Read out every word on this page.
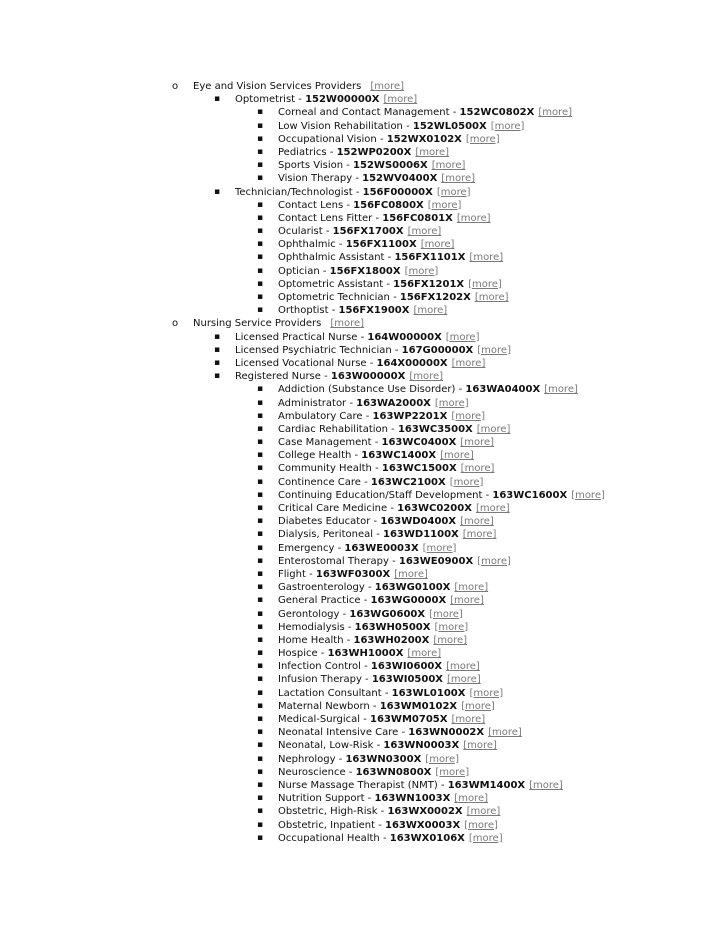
o Eye and Vision Services Providers [more]
▪ Optometrist - 152W00000X [more]
▪ Corneal and Contact Management - 152WC0802X [more]
▪ Low Vision Rehabilitation - 152WL0500X [more]
▪ Occupational Vision - 152WX0102X [more]
▪ Pediatrics - 152WP0200X [more]
▪ Sports Vision - 152WS0006X [more]
▪ Vision Therapy - 152WV0400X [more]
▪ Technician/Technologist - 156F00000X [more]
▪ Contact Lens - 156FC0800X [more]
▪ Contact Lens Fitter - 156FC0801X [more]
▪ Ocularist - 156FX1700X [more]
▪ Ophthalmic - 156FX1100X [more]
▪ Ophthalmic Assistant - 156FX1101X [more]
▪ Optician - 156FX1800X [more]
▪ Optometric Assistant - 156FX1201X [more]
▪ Optometric Technician - 156FX1202X [more]
▪ Orthoptist - 156FX1900X [more]
o Nursing Service Providers [more]
▪ Licensed Practical Nurse - 164W00000X [more]
▪ Licensed Psychiatric Technician - 167G00000X [more]
▪ Licensed Vocational Nurse - 164X00000X [more]
▪ Registered Nurse - 163W00000X [more]
▪ Addiction (Substance Use Disorder) - 163WA0400X [more]
▪ Administrator - 163WA2000X [more]
▪ Ambulatory Care - 163WP2201X [more]
▪ Cardiac Rehabilitation - 163WC3500X [more]
▪ Case Management - 163WC0400X [more]
▪ College Health - 163WC1400X [more]
▪ Community Health - 163WC1500X [more]
▪ Continence Care - 163WC2100X [more]
▪ Continuing Education/Staff Development - 163WC1600X [more]
▪ Critical Care Medicine - 163WC0200X [more]
▪ Diabetes Educator - 163WD0400X [more]
▪ Dialysis, Peritoneal - 163WD1100X [more]
▪ Emergency - 163WE0003X [more]
▪ Enterostomal Therapy - 163WE0900X [more]
▪ Flight - 163WF0300X [more]
▪ Gastroenterology - 163WG0100X [more]
▪ General Practice - 163WG0000X [more]
▪ Gerontology - 163WG0600X [more]
▪ Hemodialysis - 163WH0500X [more]
▪ Home Health - 163WH0200X [more]
▪ Hospice - 163WH1000X [more]
▪ Infection Control - 163WI0600X [more]
▪ Infusion Therapy - 163WI0500X [more]
▪ Lactation Consultant - 163WL0100X [more]
▪ Maternal Newborn - 163WM0102X [more]
▪ Medical-Surgical - 163WM0705X [more]
▪ Neonatal Intensive Care - 163WN0002X [more]
▪ Neonatal, Low-Risk - 163WN0003X [more]
▪ Nephrology - 163WN0300X [more]
▪ Neuroscience - 163WN0800X [more]
▪ Nurse Massage Therapist (NMT) - 163WM1400X [more]
▪ Nutrition Support - 163WN1003X [more]
▪ Obstetric, High-Risk - 163WX0002X [more]
▪ Obstetric, Inpatient - 163WX0003X [more]
▪ Occupational Health - 163WX0106X [more]
